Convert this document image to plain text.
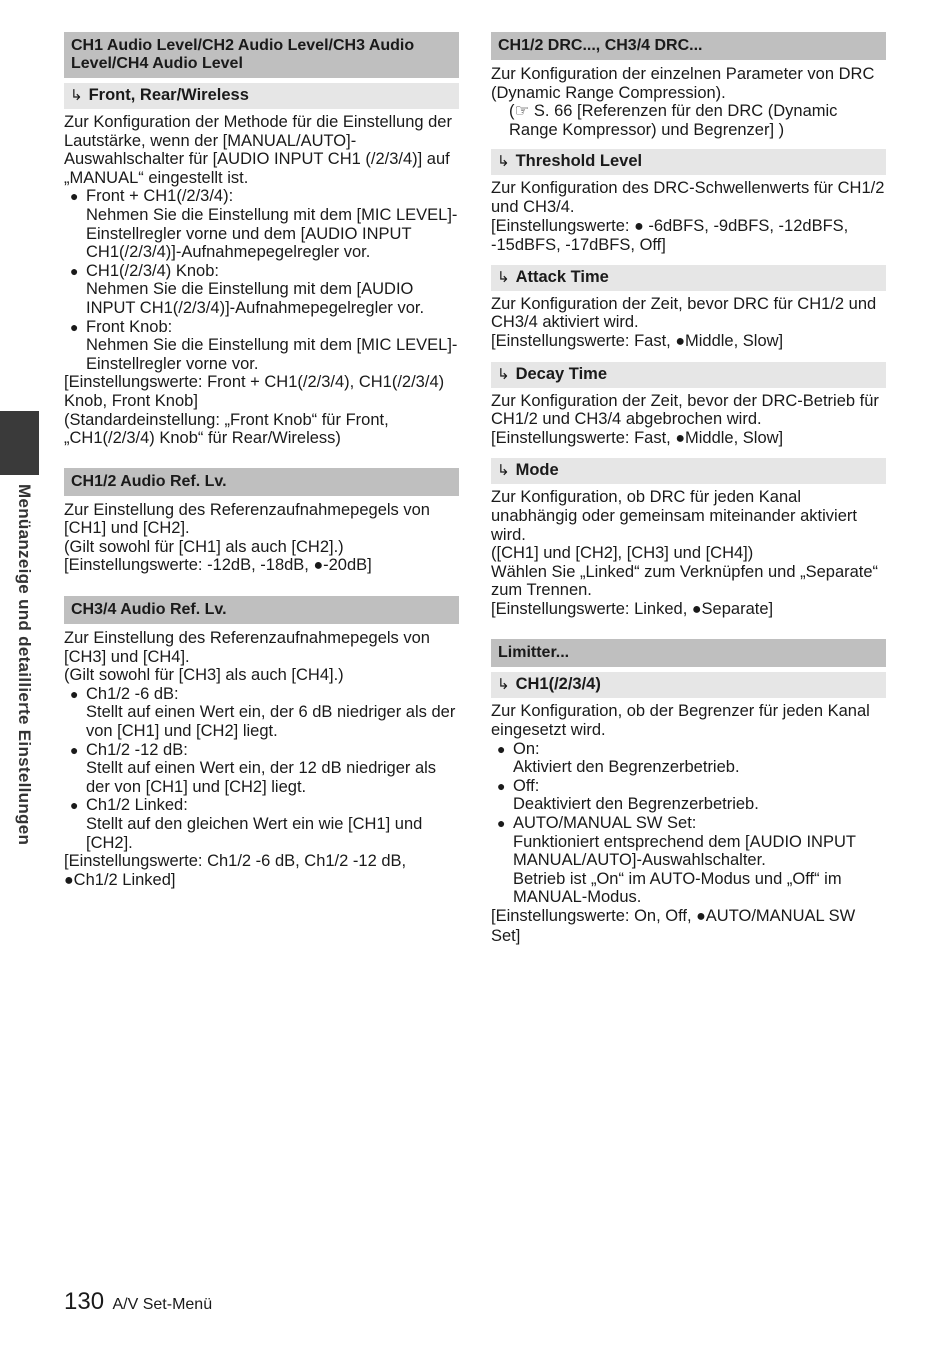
Menüanzeige und detaillierte Einstellungen
CH1 Audio Level/CH2 Audio Level/CH3 Audio Level/CH4 Audio Level
↳ Front, Rear/Wireless

Zur Konfiguration der Methode für die Einstellung der Lautstärke, wenn der [MANUAL/AUTO]-Auswahlschalter für [AUDIO INPUT CH1 (/2/3/4)] auf „MANUAL“ eingestellt ist.

● Front + CH1(/2/3/4):
Nehmen Sie die Einstellung mit dem [MIC LEVEL]-Einstellregler vorne und dem [AUDIO INPUT CH1(/2/3/4)]-Aufnahmepegelregler vor.
● CH1(/2/3/4) Knob:
Nehmen Sie die Einstellung mit dem [AUDIO INPUT CH1(/2/3/4)]-Aufnahmepegelregler vor.
● Front Knob:
Nehmen Sie die Einstellung mit dem [MIC LEVEL]-Einstellregler vorne vor.

[Einstellungswerte: Front + CH1(/2/3/4), CH1(/2/3/4) Knob, Front Knob]

(Standardeinstellung: „Front Knob“ für Front, „CH1(/2/3/4) Knob“ für Rear/Wireless)

CH1/2 Audio Ref. Lv.

Zur Einstellung des Referenzaufnahmepegels von [CH1] und [CH2].

(Gilt sowohl für [CH1] als auch [CH2].)

[Einstellungswerte: -12dB, -18dB, ●-20dB]

CH3/4 Audio Ref. Lv.

Zur Einstellung des Referenzaufnahmepegels von [CH3] und [CH4].

(Gilt sowohl für [CH3] als auch [CH4].)

● Ch1/2 -6 dB:
Stellt auf einen Wert ein, der 6 dB niedriger als der von [CH1] und [CH2] liegt.
● Ch1/2 -12 dB:
Stellt auf einen Wert ein, der 12 dB niedriger als der von [CH1] und [CH2] liegt.
● Ch1/2 Linked:
Stellt auf den gleichen Wert ein wie [CH1] und [CH2].

[Einstellungswerte: Ch1/2 -6 dB, Ch1/2 -12 dB, ●Ch1/2 Linked]

CH1/2 DRC..., CH3/4 DRC...

Zur Konfiguration der einzelnen Parameter von DRC (Dynamic Range Compression).

(☞ S. 66 [Referenzen für den DRC (Dynamic Range Kompressor) und Begrenzer] )

↳ Threshold Level

Zur Konfiguration des DRC-Schwellenwerts für CH1/2 und CH3/4.

[Einstellungswerte: ● -6dBFS, -9dBFS, -12dBFS, -15dBFS, -17dBFS, Off]

↳ Attack Time

Zur Konfiguration der Zeit, bevor DRC für CH1/2 und CH3/4 aktiviert wird.

[Einstellungswerte: Fast, ●Middle, Slow]

↳ Decay Time

Zur Konfiguration der Zeit, bevor der DRC-Betrieb für CH1/2 und CH3/4 abgebrochen wird.

[Einstellungswerte: Fast, ●Middle, Slow]

↳ Mode

Zur Konfiguration, ob DRC für jeden Kanal unabhängig oder gemeinsam miteinander aktiviert wird.

([CH1] und [CH2], [CH3] und [CH4])

Wählen Sie „Linked“ zum Verknüpfen und „Separate“ zum Trennen.

[Einstellungswerte: Linked, ●Separate]

Limitter...
↳ CH1(/2/3/4)

Zur Konfiguration, ob der Begrenzer für jeden Kanal eingesetzt wird.

● On:
Aktiviert den Begrenzerbetrieb.
● Off:
Deaktiviert den Begrenzerbetrieb.
● AUTO/MANUAL SW Set:
Funktioniert entsprechend dem [AUDIO INPUT MANUAL/AUTO]-Auswahlschalter.
Betrieb ist „On“ im AUTO-Modus und „Off“ im MANUAL-Modus.

[Einstellungswerte: On, Off, ●AUTO/MANUAL SW Set]

130 A/V Set-Menü
